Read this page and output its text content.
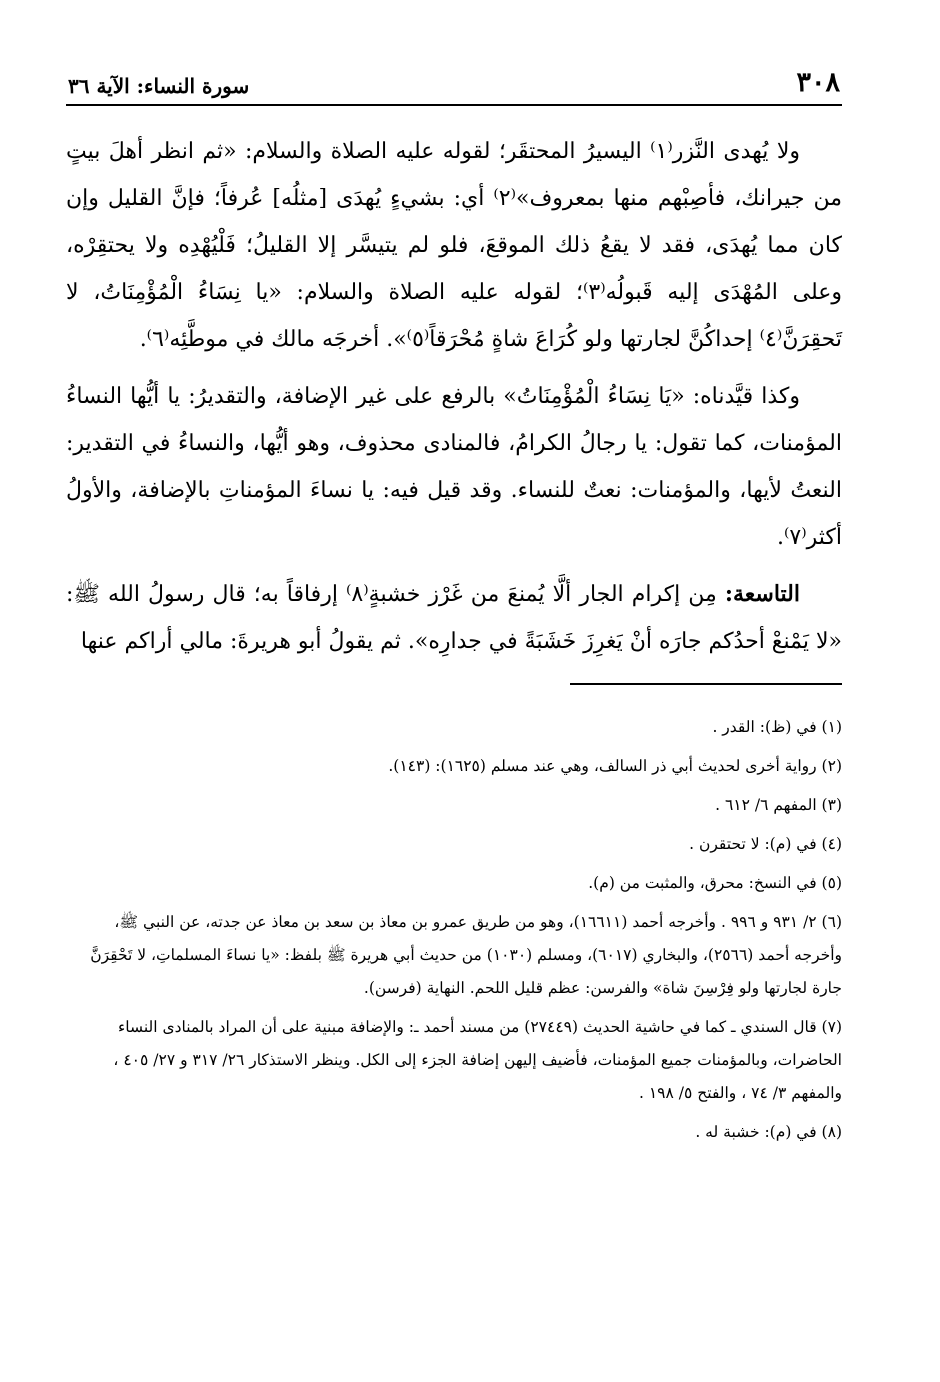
٣٠٨
سورة النساء: الآية ٣٦

ولا يُهدى النَّزر⁽١⁾ اليسيرُ المحتقَر؛ لقوله عليه الصلاة والسلام: «ثم انظر أهلَ بيتٍ من جيرانك، فأصِبْهم منها بمعروف»⁽٢⁾ أي: بشيءٍ يُهدَى [مثلُه] عُرفاً؛ فإنَّ القليل وإن كان مما يُهدَى، فقد لا يقعُ ذلك الموقعَ، فلو لم يتيسَّر إلا القليلُ؛ فَلْيُهْدِه ولا يحتقِرْه، وعلى المُهْدَى إليه قَبولُه⁽٣⁾؛ لقوله عليه الصلاة والسلام: «يا نِسَاءُ الْمُؤْمِنَاتُ، لا تَحقِرَنَّ⁽٤⁾ إحداكُنَّ لجارتها ولو كُرَاعَ شاةٍ مُحْرَقاً⁽٥⁾». أخرجَه مالك في موطَّئِه⁽٦⁾.

وكذا قيَّدناه: «يَا نِسَاءُ الْمُؤْمِنَاتُ» بالرفع على غير الإضافة، والتقديرُ: يا أيُّها النساءُ المؤمنات، كما تقول: يا رجالُ الكرامُ، فالمنادى محذوف، وهو أيُّها، والنساءُ في التقدير: النعتُ لأيها، والمؤمنات: نعتٌ للنساء. وقد قيل فيه: يا نساءَ المؤمناتِ بالإضافة، والأولُ أكثر⁽٧⁾.

التاسعة: مِن إكرام الجار ألَّا يُمنعَ من غَرْز خشبةٍ⁽٨⁾ إرفاقاً به؛ قال رسولُ الله ﷺ: «لا يَمْنعْ أحدُكم جارَه أنْ يَغرِزَ خَشَبَةً في جدارِه». ثم يقولُ أبو هريرةَ: مالي أراكم عنها

(١) في (ظ): القدر .
(٢) رواية أخرى لحديث أبي ذر السالف، وهي عند مسلم (١٦٢٥): (١٤٣).
(٣) المفهم ٦/ ٦١٢ .
(٤) في (م): لا تحتقرن .
(٥) في النسخ: محرق، والمثبت من (م).
(٦) ٢/ ٩٣١ و ٩٩٦ . وأخرجه أحمد (١٦٦١١)، وهو من طريق عمرو بن معاذ بن سعد بن معاذ عن جدته، عن النبي ﷺ، وأخرجه أحمد (٢٥٦٦)، والبخاري (٦٠١٧)، ومسلم (١٠٣٠) من حديث أبي هريرة ﷺ بلفظ: «يا نساءَ المسلماتِ، لا تَحْقِرَنَّ جارة لجارتها ولو فِرْسِنَ شاة» والفرسن: عظم قليل اللحم. النهاية (فرسن).
(٧) قال السندي ـ كما في حاشية الحديث (٢٧٤٤٩) من مسند أحمد ـ: والإضافة مبنية على أن المراد بالمنادى النساء الحاضرات، وبالمؤمنات جميع المؤمنات، فأضيف إليهن إضافة الجزء إلى الكل. وينظر الاستذكار ٢٦/ ٣١٧ و ٢٧/ ٤٠٥ ، والمفهم ٣/ ٧٤ ، والفتح ٥/ ١٩٨ .
(٨) في (م): خشبة له .
